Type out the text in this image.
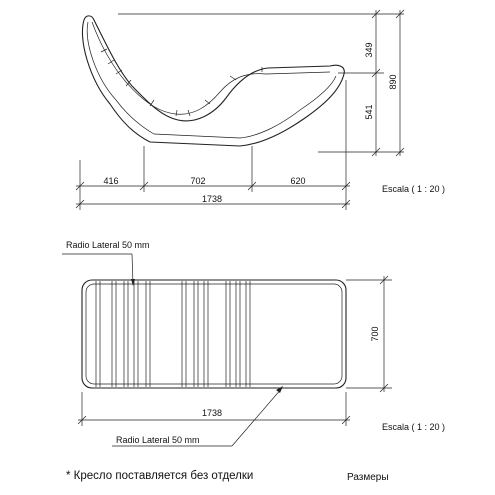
349
541
890
416	702	620
1738
Escala ( 1 : 20 )
Radio Lateral 50 mm
700
1738
Radio Lateral 50 mm
Escala ( 1 : 20 )
* Кресло поставляется без отделки	Размеры
